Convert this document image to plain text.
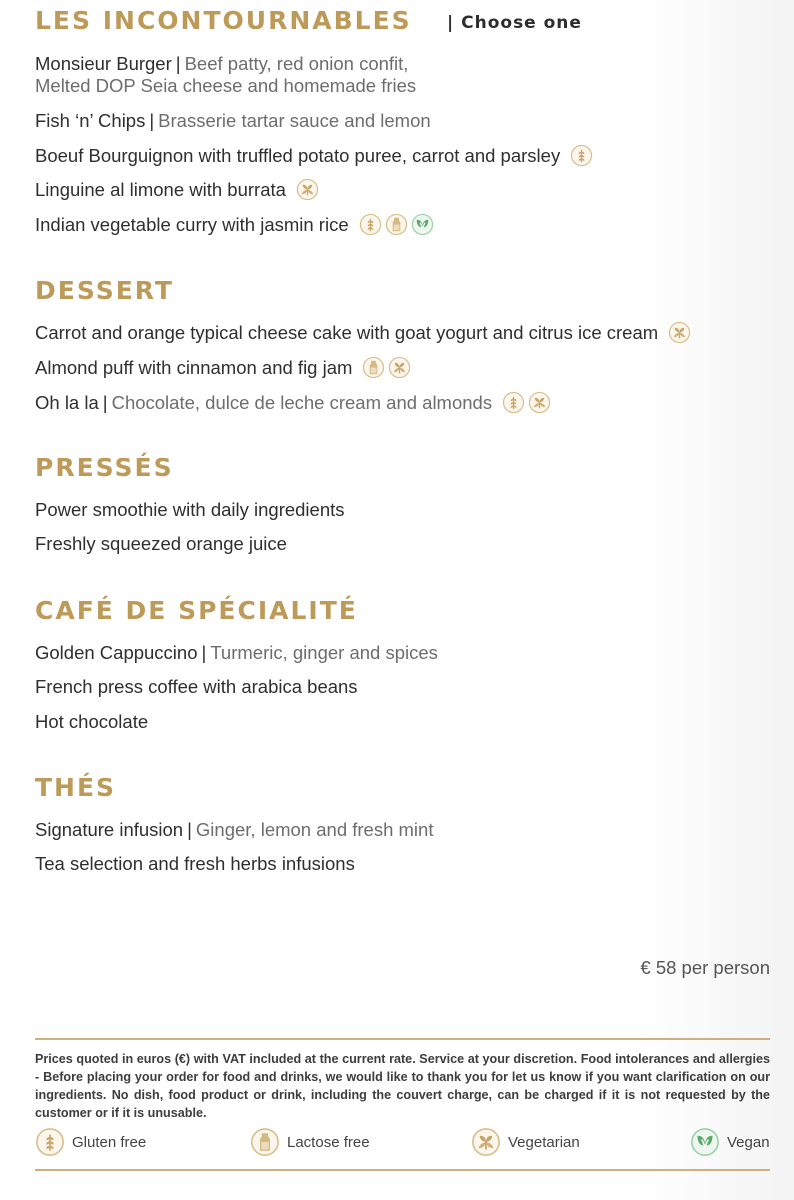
LES INCONTOURNABLES | Choose one
Monsieur Burger | Beef patty, red onion confit,
Melted DOP Seia cheese and homemade fries
Fish ‘n’ Chips | Brasserie tartar sauce and lemon
Boeuf Bourguignon with truffled potato puree, carrot and parsley
Linguine al limone with burrata
Indian vegetable curry with jasmin rice
DESSERT
Carrot and orange typical cheese cake with goat yogurt and citrus ice cream
Almond puff with cinnamon and fig jam
Oh la la | Chocolate, dulce de leche cream and almonds
PRESSÉS
Power smoothie with daily ingredients
Freshly squeezed orange juice
CAFÉ DE SPÉCIALITÉ
Golden Cappuccino | Turmeric, ginger and spices
French press coffee with arabica beans
Hot chocolate
THÉS
Signature infusion | Ginger, lemon and fresh mint
Tea selection and fresh herbs infusions
€ 58 per person

Prices quoted in euros (€) with VAT included at the current rate. Service at your discretion. Food intolerances and allergies - Before placing your order for food and drinks, we would like to thank you for let us know if you want clarification on our ingredients. No dish, food product or drink, including the couvert charge, can be charged if it is not requested by the customer or if it is unusable.

Gluten free	Lactose free	Vegetarian	Vegan
